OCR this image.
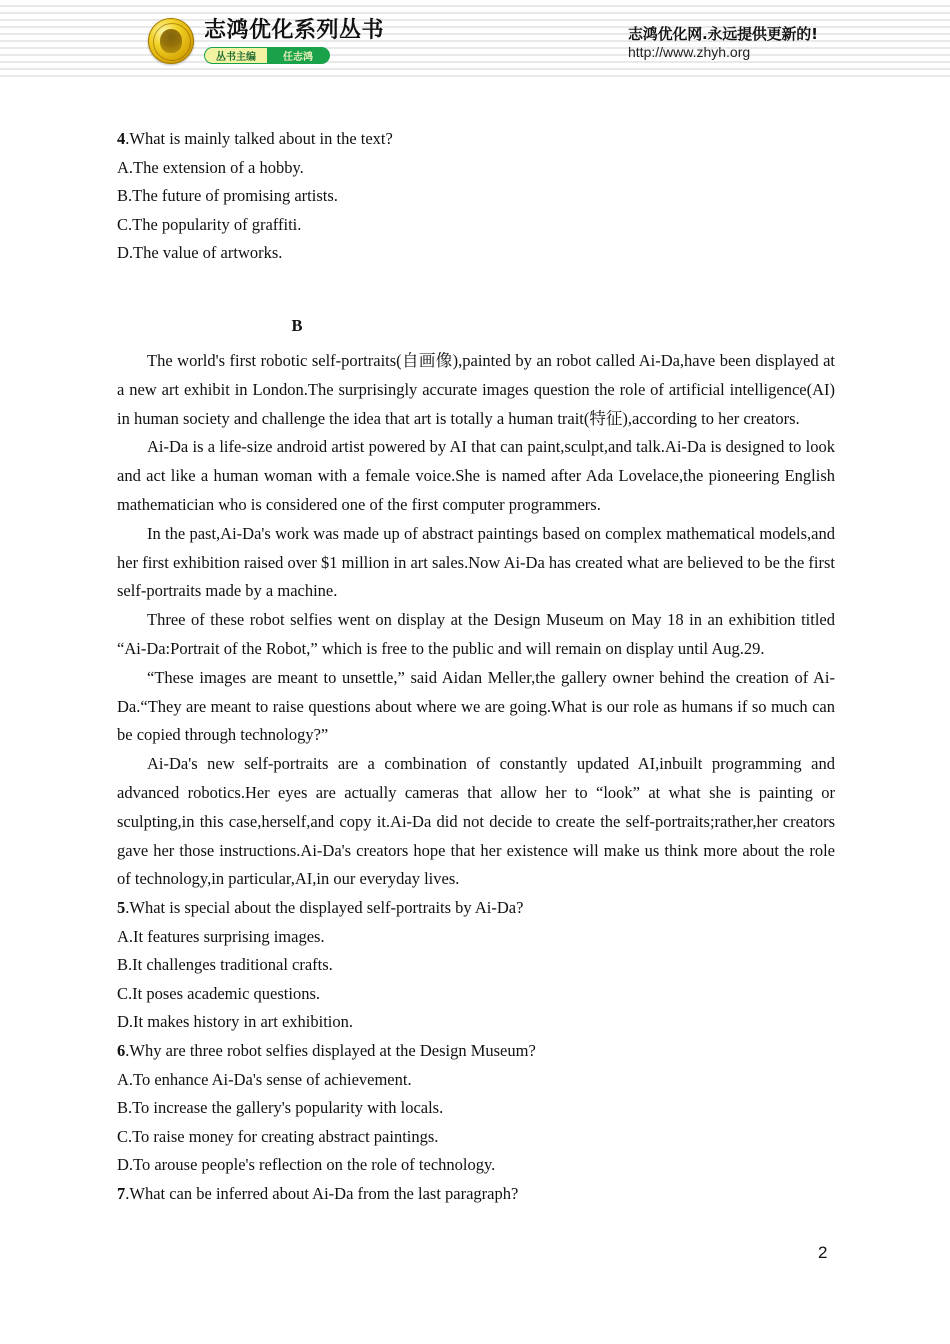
志鸿优化系列丛书
丛书主编	任志鸿
志鸿优化网.永远提供更新的!
http://www.zhyh.org
4.What is mainly talked about in the text?
A.The extension of a hobby.
B.The future of promising artists.
C.The popularity of graffiti.
D.The value of artworks.
B

The world's first robotic self-portraits(自画像),painted by an robot called Ai-Da,have been displayed at a new art exhibit in London.The surprisingly accurate images question the role of artificial intelligence(AI) in human society and challenge the idea that art is totally a human trait(特征),according to her creators.

Ai-Da is a life-size android artist powered by AI that can paint,sculpt,and talk.Ai-Da is designed to look and act like a human woman with a female voice.She is named after Ada Lovelace,the pioneering English mathematician who is considered one of the first computer programmers.

In the past,Ai-Da's work was made up of abstract paintings based on complex mathematical models,and her first exhibition raised over $1 million in art sales.Now Ai-Da has created what are believed to be the first self-portraits made by a machine.

Three of these robot selfies went on display at the Design Museum on May 18 in an exhibition titled “Ai-Da:Portrait of the Robot,” which is free to the public and will remain on display until Aug.29.

“These images are meant to unsettle,” said Aidan Meller,the gallery owner behind the creation of Ai-Da.“They are meant to raise questions about where we are going.What is our role as humans if so much can be copied through technology?”

Ai-Da's new self-portraits are a combination of constantly updated AI,inbuilt programming and advanced robotics.Her eyes are actually cameras that allow her to “look” at what she is painting or sculpting,in this case,herself,and copy it.Ai-Da did not decide to create the self-portraits;rather,her creators gave her those instructions.Ai-Da's creators hope that her existence will make us think more about the role of technology,in particular,AI,in our everyday lives.

5.What is special about the displayed self-portraits by Ai-Da?
A.It features surprising images.
B.It challenges traditional crafts.
C.It poses academic questions.
D.It makes history in art exhibition.
6.Why are three robot selfies displayed at the Design Museum?
A.To enhance Ai-Da's sense of achievement.
B.To increase the gallery's popularity with locals.
C.To raise money for creating abstract paintings.
D.To arouse people's reflection on the role of technology.
7.What can be inferred about Ai-Da from the last paragraph?
2
